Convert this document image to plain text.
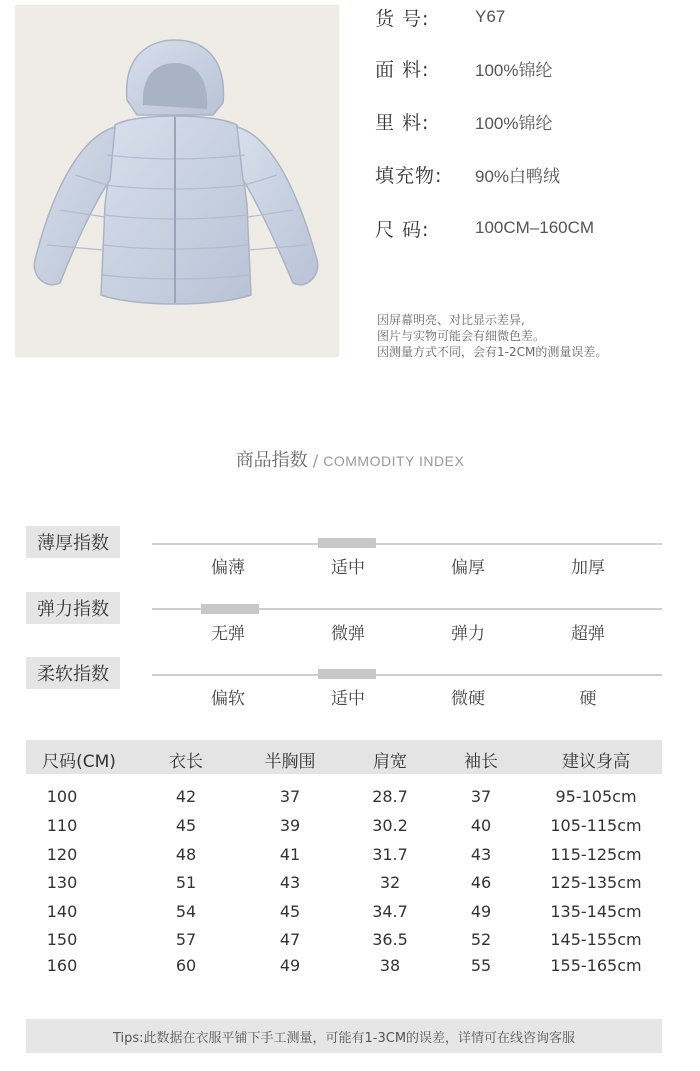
货 号:	Y67
面 料:	100%锦纶
里 料:	100%锦纶
填充物:	90%白鸭绒
尺 码:	100CM–160CM
因屏幕明亮、对比显示差异,
图片与实物可能会有细微色差。
因测量方式不同，会有1-2CM的测量误差。
商品指数 / COMMODITY INDEX
薄厚指数
偏薄	适中	偏厚	加厚
弹力指数
无弹	微弹	弹力	超弹
柔软指数
偏软	适中	微硬	硬
尺码(CM)	衣长	半胸围	肩宽	袖长	建议身高
100	42	37	28.7	37	95-105cm
110	45	39	30.2	40	105-115cm
120	48	41	31.7	43	115-125cm
130	51	43	32	46	125-135cm
140	54	45	34.7	49	135-145cm
150	57	47	36.5	52	145-155cm
160	60	49	38	55	155-165cm
Tips:此数据在衣服平铺下手工测量，可能有1-3CM的误差，详情可在线咨询客服
